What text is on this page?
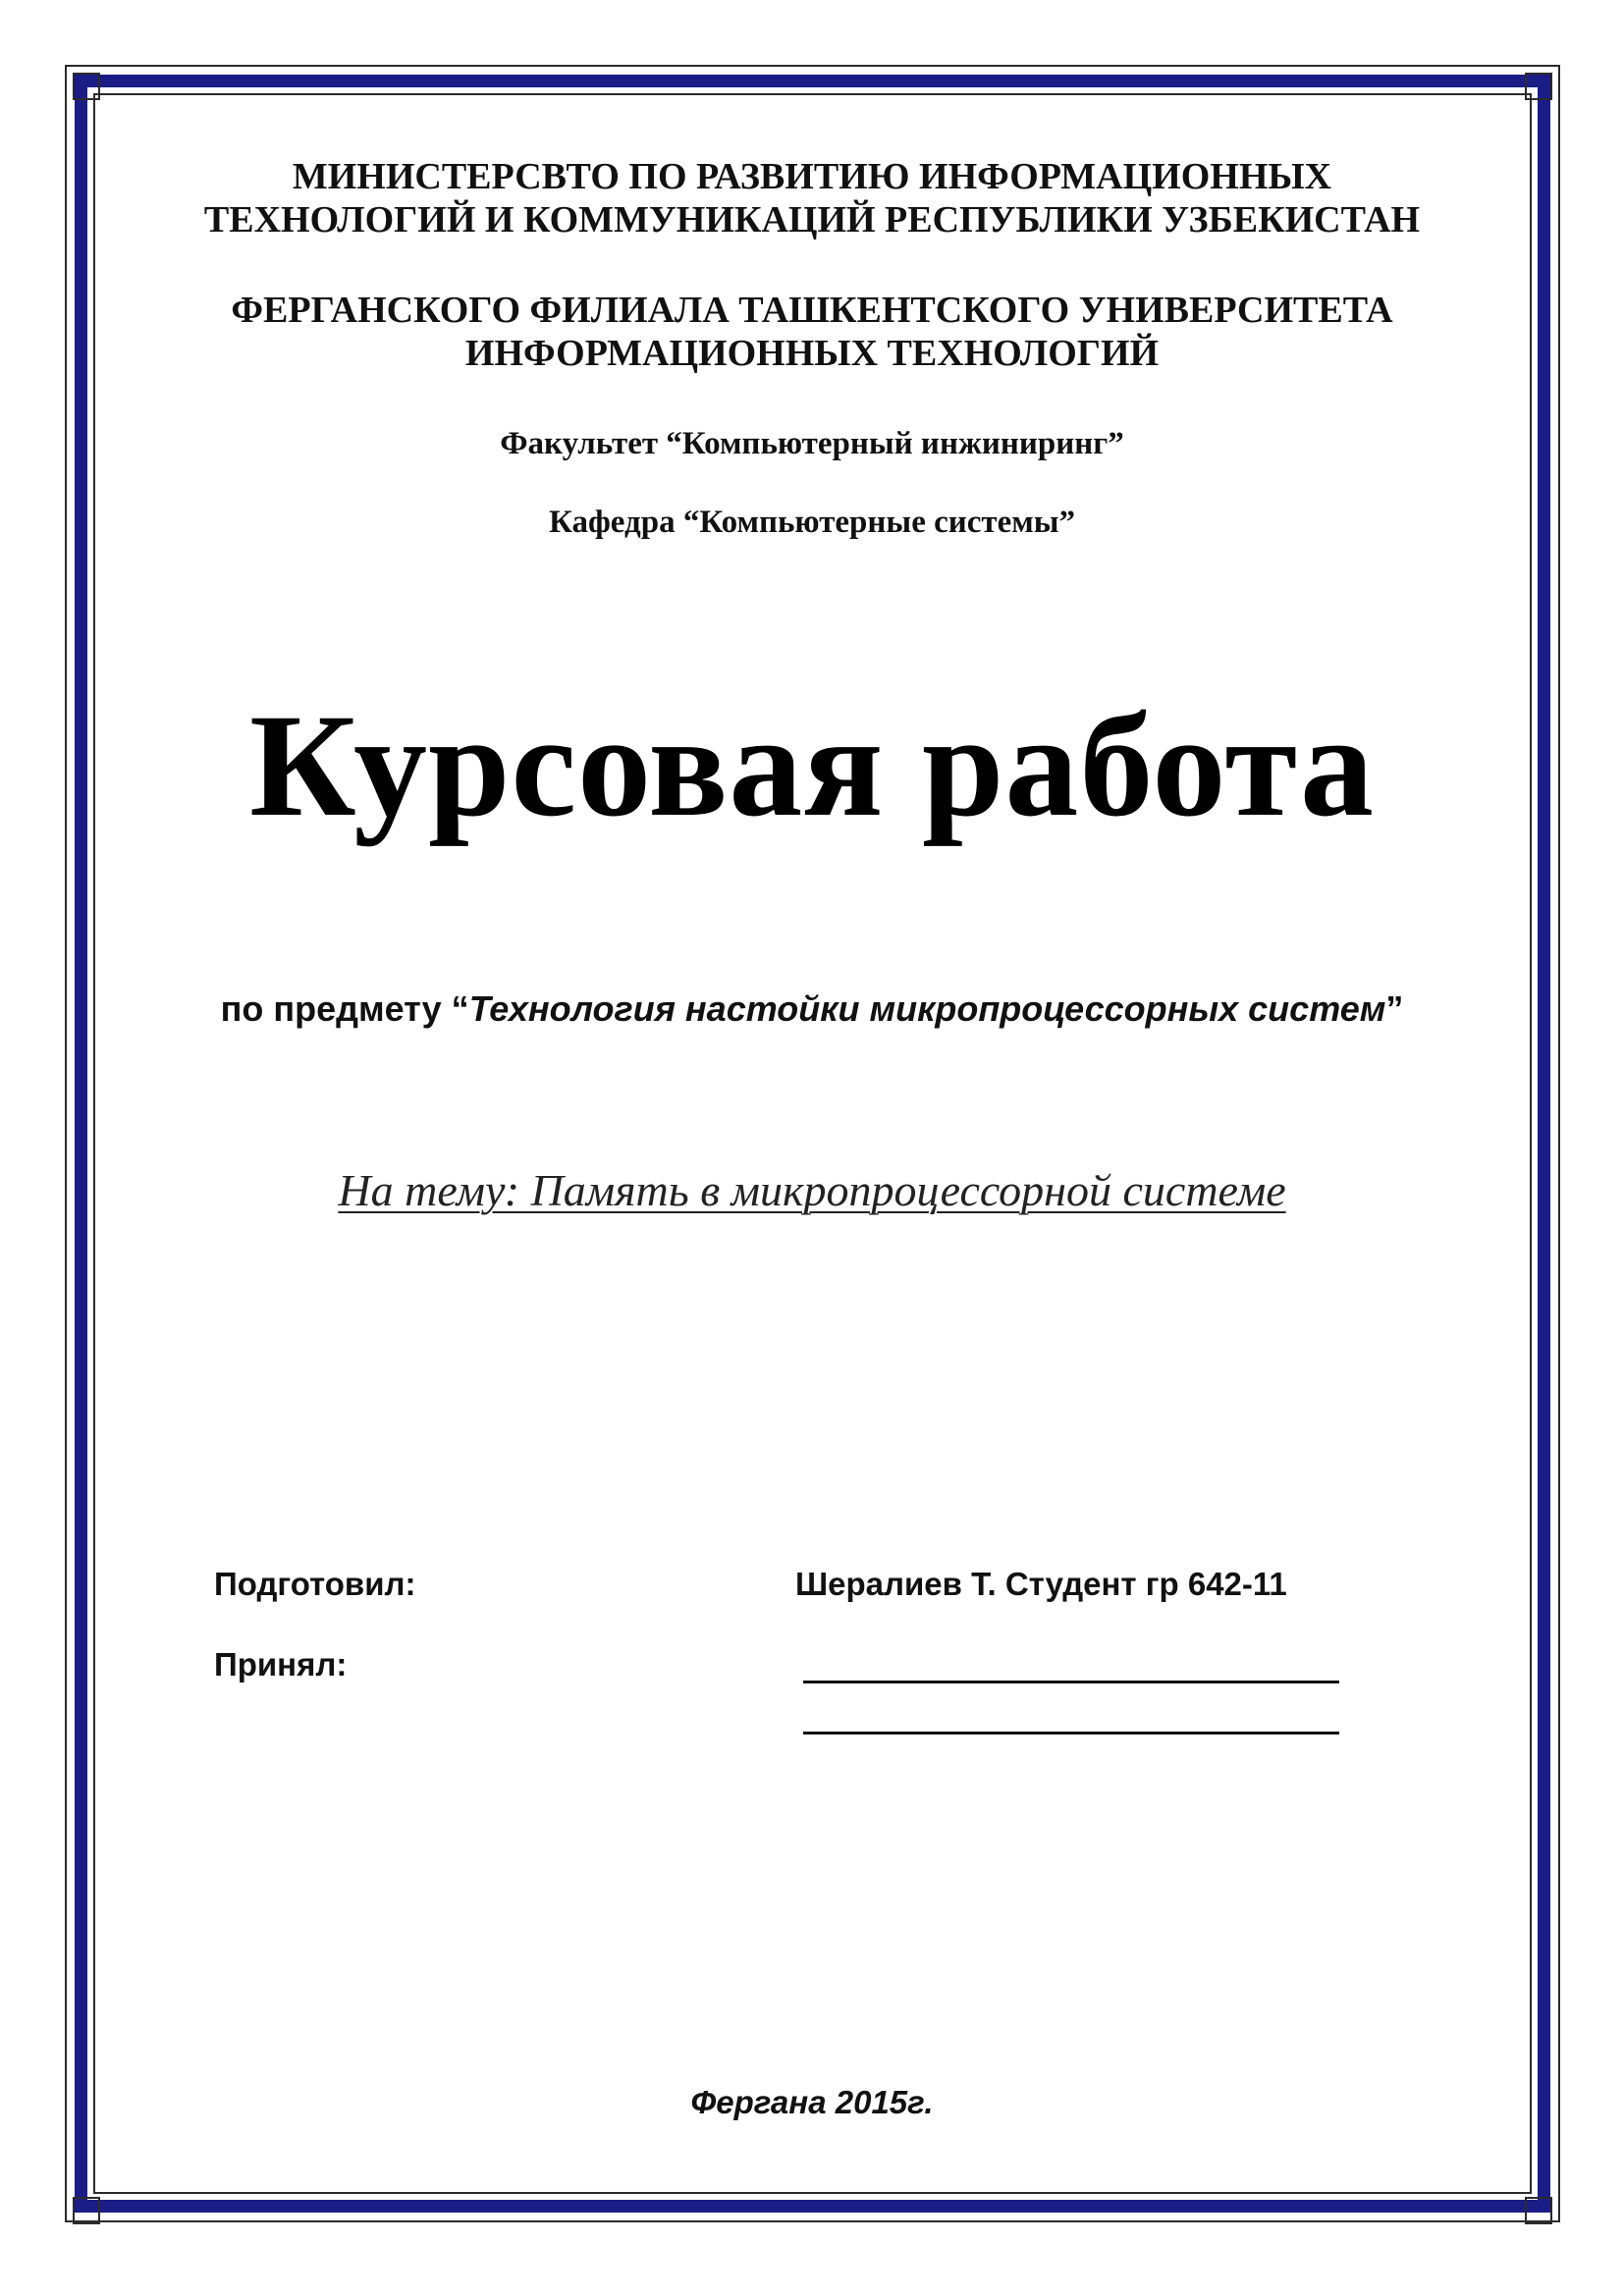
МИНИСТЕРСВТО ПО РАЗВИТИЮ ИНФОРМАЦИОННЫХ
ТЕХНОЛОГИЙ И КОММУНИКАЦИЙ РЕСПУБЛИКИ УЗБЕКИСТАН
ФЕРГАНСКОГО ФИЛИАЛА ТАШКЕНТСКОГО УНИВЕРСИТЕТА
ИНФОРМАЦИОННЫХ ТЕХНОЛОГИЙ
Факультет “Компьютерный инжиниринг”
Кафедра “Компьютерные системы”
Курсовая работа
по предмету “Технология настойки микропроцессорных систем”
На тему: Память в микропроцессорной системе
Подготовил:	Шералиев Т. Студент гр 642-11
Принял:
Фергана 2015г.
